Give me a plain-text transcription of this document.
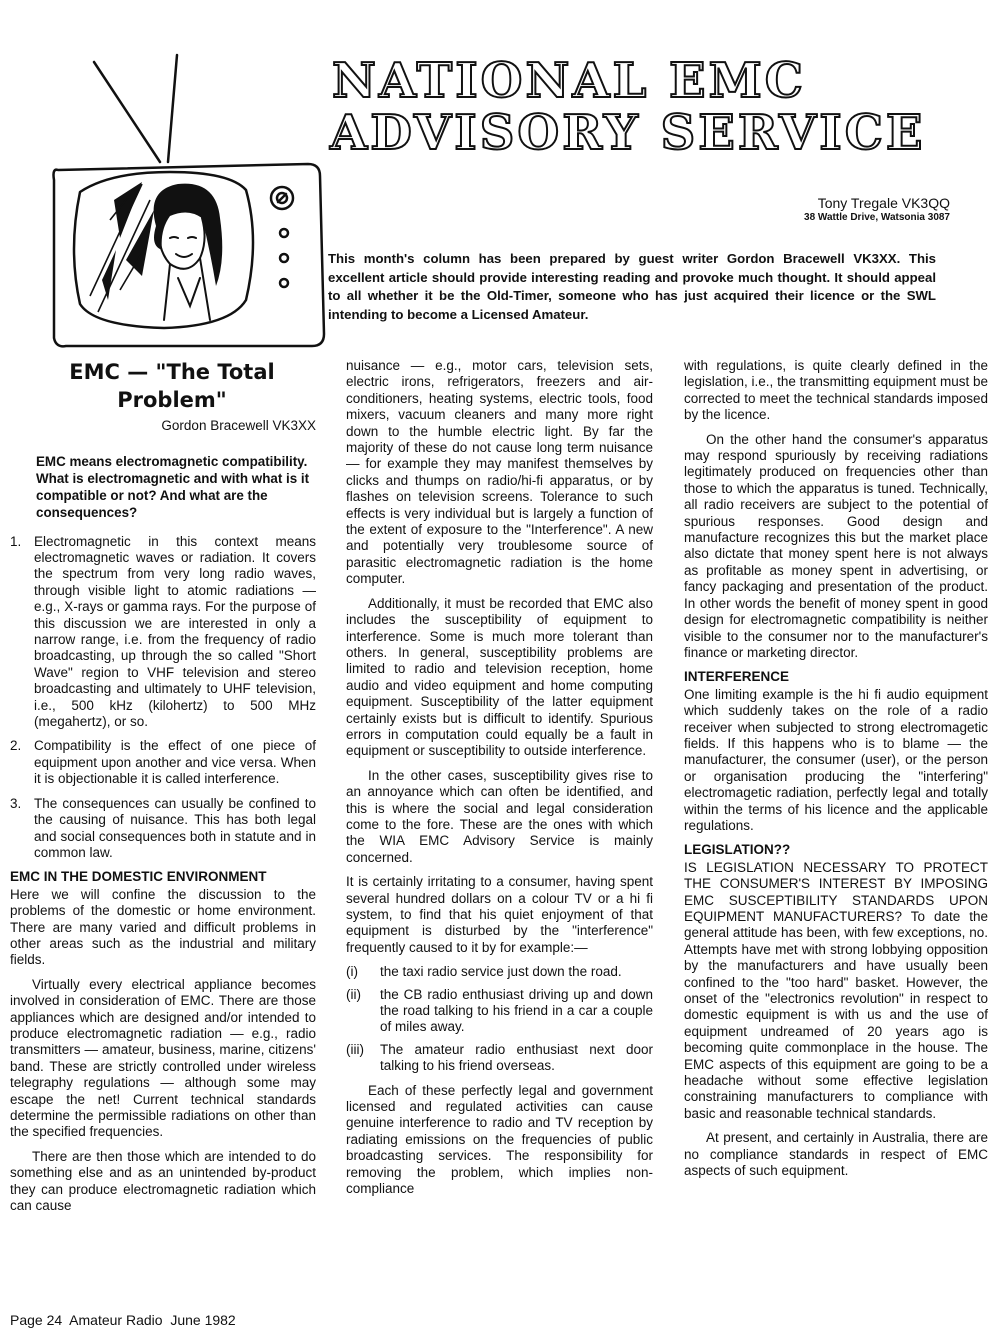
NATIONAL EMC
ADVISORY SERVICE
Tony Tregale VK3QQ
38 Wattle Drive, Watsonia 3087
This month's column has been prepared by guest writer Gordon Bracewell VK3XX. This excellent article should provide interesting reading and provoke much thought. It should appeal to all whether it be the Old-Timer, someone who has just acquired their licence or the SWL intending to become a Licensed Amateur.
EMC — "The Total Problem"
Gordon Bracewell VK3XX
EMC means electromagnetic compatibility. What is electromagnetic and with what is it compatible or not? And what are the consequences?
1. Electromagnetic in this context means electromagnetic waves or radiation. It covers the spectrum from very long radio waves, through visible light to atomic radiations — e.g., X-rays or gamma rays. For the purpose of this discussion we are interested in only a narrow range, i.e. from the frequency of radio broadcasting, up through the so called "Short Wave" region to VHF television and stereo broadcasting and ultimately to UHF television, i.e., 500 kHz (kilohertz) to 500 MHz (megahertz), or so.
2. Compatibility is the effect of one piece of equipment upon another and vice versa. When it is objectionable it is called interference.
3. The consequences can usually be confined to the causing of nuisance. This has both legal and social consequences both in statute and in common law.
EMC IN THE DOMESTIC ENVIRONMENT

Here we will confine the discussion to the problems of the domestic or home environment. There are many varied and difficult problems in other areas such as the industrial and military fields.

Virtually every electrical appliance becomes involved in consideration of EMC. There are those appliances which are designed and/or intended to produce electromagnetic radiation — e.g., radio transmitters — amateur, business, marine, citizens' band. These are strictly controlled under wireless telegraphy regulations — although some may escape the net! Current technical standards determine the permissible radiations on other than the specified frequencies.

There are then those which are intended to do something else and as an unintended by-product they can produce electromagnetic radiation which can cause

nuisance — e.g., motor cars, television sets, electric irons, refrigerators, freezers and air-conditioners, heating systems, electric tools, food mixers, vacuum cleaners and many more right down to the humble electric light. By far the majority of these do not cause long term nuisance — for example they may manifest themselves by clicks and thumps on radio/hi-fi apparatus, or by flashes on television screens. Tolerance to such effects is very individual but is largely a function of the extent of exposure to the "Interference". A new and potentially very troublesome source of parasitic electromagnetic radiation is the home computer.

Additionally, it must be recorded that EMC also includes the susceptibility of equipment to interference. Some is much more tolerant than others. In general, susceptibility problems are limited to radio and television reception, home audio and video equipment and home computing equipment. Susceptibility of the latter equipment certainly exists but is difficult to identify. Spurious errors in computation could equally be a fault in equipment or susceptibility to outside interference.

In the other cases, susceptibility gives rise to an annoyance which can often be identified, and this is where the social and legal consideration come to the fore. These are the ones with which the WIA EMC Advisory Service is mainly concerned.

It is certainly irritating to a consumer, having spent several hundred dollars on a colour TV or a hi fi system, to find that his quiet enjoyment of that equipment is disturbed by the "interference" frequently caused to it by for example:—

(i)	the taxi radio service just down the road.
(ii)	the CB radio enthusiast driving up and down the road talking to his friend in a car a couple of miles away.
(iii)	The amateur radio enthusiast next door talking to his friend overseas.

Each of these perfectly legal and government licensed and regulated activities can cause genuine interference to radio and TV reception by radiating emissions on the frequencies of public broadcasting services. The responsibility for removing the problem, which implies non-compliance

with regulations, is quite clearly defined in the legislation, i.e., the transmitting equipment must be corrected to meet the technical standards imposed by the licence.

On the other hand the consumer's apparatus may respond spuriously by receiving radiations legitimately produced on frequencies other than those to which the apparatus is tuned. Technically, all radio receivers are subject to the potential of spurious responses. Good design and manufacture recognizes this but the market place also dictate that money spent here is not always as profitable as money spent in advertising, or fancy packaging and presentation of the product. In other words the benefit of money spent in good design for electromagnetic compatibility is neither visible to the consumer nor to the manufacturer's finance or marketing director.

INTERFERENCE

One limiting example is the hi fi audio equipment which suddenly takes on the role of a radio receiver when subjected to strong electromagetic fields. If this happens who is to blame — the manufacturer, the consumer (user), or the person or organisation producing the "interfering" electromagetic radiation, perfectly legal and totally within the terms of his licence and the applicable regulations.

LEGISLATION??

IS LEGISLATION NECESSARY TO PROTECT THE CONSUMER'S INTEREST BY IMPOSING EMC SUSCEPTIBILITY STANDARDS UPON EQUIPMENT MANUFACTURERS? To date the general attitude has been, with few exceptions, no. Attempts have met with strong lobbying opposition by the manufacturers and have usually been confined to the "too hard" basket. However, the onset of the "electronics revolution" in respect to domestic equipment is with us and the use of equipment undreamed of 20 years ago is becoming quite commonplace in the house. The EMC aspects of this equipment are going to be a headache without some effective legislation constraining manufacturers to compliance with basic and reasonable technical standards.

At present, and certainly in Australia, there are no compliance standards in respect of EMC aspects of such equipment.

Page 24  Amateur Radio  June 1982
